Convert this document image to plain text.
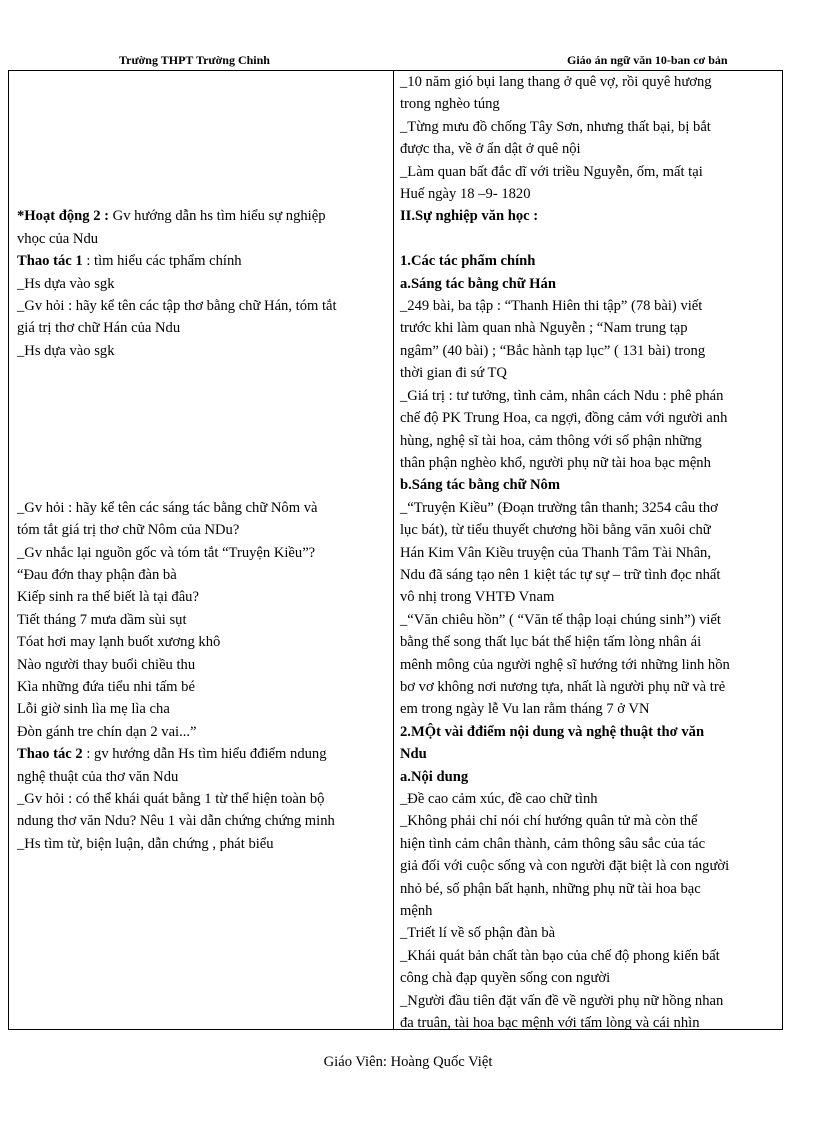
Trường THPT Trường Chinh	Giáo án ngữ văn 10-ban cơ bản

*Hoạt động 2 : Gv hướng dẫn hs tìm hiểu sự nghiệp
vhọc của Ndu
Thao tác 1 : tìm hiểu các tphẩm chính
_Hs dựa vào sgk
_Gv hỏi : hãy kể tên các tập thơ bằng chữ Hán, tóm tắt
giá trị thơ chữ Hán của Ndu
_Hs dựa vào sgk

_Gv hỏi : hãy kể tên các sáng tác bằng chữ Nôm và
tóm tắt giá trị thơ chữ Nôm của NDu?
_Gv nhắc lại nguồn gốc và tóm tắt “Truyện Kiều”?
“Đau đớn thay phận đàn bà
Kiếp sinh ra thế biết là tại đâu?
Tiết tháng 7 mưa dầm sùi sụt
Tóat hơi may lạnh buốt xương khô
Nào người thay buổi chiều thu
Kìa những đứa tiểu nhi tấm bé
Lỗi giờ sinh lìa mẹ lìa cha
Đòn gánh tre chín dạn 2 vai...”
Thao tác 2 : gv hướng dẫn Hs tìm hiểu đđiểm ndung
nghệ thuật của thơ văn Ndu
_Gv hỏi : có thể khái quát bằng 1 từ thể hiện toàn bộ
ndung thơ văn Ndu? Nêu 1 vài dẫn chứng chứng minh
_Hs tìm từ, biện luận, dẫn chứng , phát biểu
_10 năm gió bụi lang thang ở quê vợ, rồi quyê hương
trong nghèo túng
_Từng mưu đồ chống Tây Sơn, nhưng thất bại, bị bắt
được tha, về ở ẩn dật ở quê nội
_Làm quan bất đắc dĩ với triều Nguyễn, ốm, mất tại
Huế ngày 18 –9- 1820
II.Sự nghiệp văn học :

1.Các tác phẩm chính
a.Sáng tác bằng chữ Hán
_249 bài, ba tập : “Thanh Hiên thi tập” (78 bài) viết
trước khi làm quan nhà Nguyễn ; “Nam trung tạp
ngâm” (40 bài) ; “Bắc hành tạp lục” ( 131 bài) trong
thời gian đi sứ TQ
_Giá trị : tư tưởng, tình cảm, nhân cách Ndu : phê phán
chế độ PK Trung Hoa, ca ngợi, đồng cảm với người anh
hùng, nghệ sĩ tài hoa, cảm thông với số phận những
thân phận nghèo khổ, người phụ nữ tài hoa bạc mệnh
b.Sáng tác bằng chữ Nôm
_“Truyện Kiều” (Đoạn trường tân thanh; 3254 câu thơ
lục bát), từ tiểu thuyết chương hồi bằng văn xuôi chữ
Hán Kim Vân Kiều truyện của Thanh Tâm Tài Nhân,
Ndu đã sáng tạo nên 1 kiệt tác tự sự – trữ tình đọc nhất
vô nhị trong VHTĐ Vnam
_“Văn chiêu hồn” ( “Văn tế thập loại chúng sinh”) viết
bằng thể song thất lục bát thể hiện tấm lòng nhân ái
mênh mông của người nghệ sĩ hướng tới những linh hồn
bơ vơ không nơi nương tựa, nhất là người phụ nữ và trẻ
em trong ngày lễ Vu lan rằm tháng 7 ở VN
2.MỘt vài đđiểm nội dung và nghệ thuật thơ văn
Ndu
a.Nội dung
_Đề cao cảm xúc, đề cao chữ tình
_Không phải chỉ nói chí hướng quân tử mà còn thể
hiện tình cảm chân thành, cảm thông sâu sắc của tác
giả đối với cuộc sống và con người đặt biệt là con người
nhỏ bé, số phận bất hạnh, những phụ nữ tài hoa bạc
mệnh
_Triết lí về số phận đàn bà
_Khái quát bản chất tàn bạo của chế độ phong kiến bất
công chà đạp quyền sống con người
_Người đầu tiên đặt vấn đề về người phụ nữ hồng nhan
đa truân, tài hoa bạc mệnh với tấm lòng và cái nhìn
Giáo Viên: Hoàng Quốc Việt
